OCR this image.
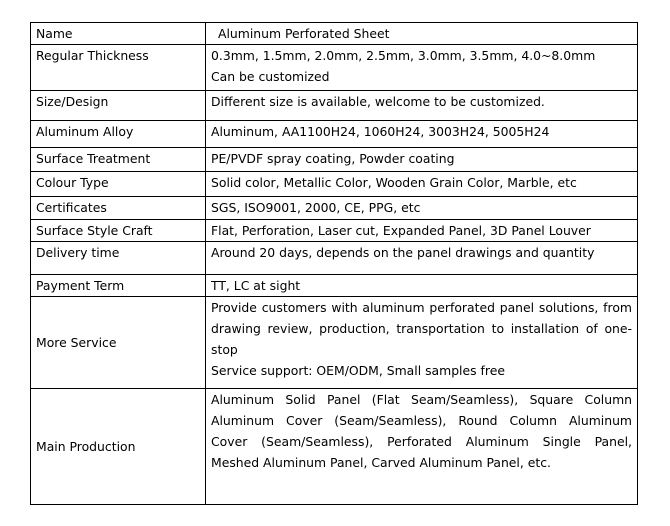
Name	Aluminum Perforated Sheet
Regular Thickness	0.3mm, 1.5mm, 2.0mm, 2.5mm, 3.0mm, 3.5mm, 4.0~8.0mm
Can be customized

Size/Design	Different size is available, welcome to be customized.

Aluminum Alloy	Aluminum, AA1100H24, 1060H24, 3003H24, 5005H24

Surface Treatment	PE/PVDF spray coating, Powder coating

Colour Type	Solid color, Metallic Color, Wooden Grain Color, Marble, etc

Certificates	SGS, ISO9001, 2000, CE, PPG, etc

Surface Style Craft	Flat, Perforation, Laser cut, Expanded Panel, 3D Panel Louver

Delivery time	Around 20 days, depends on the panel drawings and quantity

Payment Term	TT, LC at sight

More Service	Provide customers with aluminum perforated panel solutions, from drawing review, production, transportation to installation of one-stop
Service support: OEM/ODM, Small samples free

Main Production	Aluminum Solid Panel (Flat Seam/Seamless), Square Column Aluminum Cover (Seam/Seamless), Round Column Aluminum Cover (Seam/Seamless), Perforated Aluminum Single Panel, Meshed Aluminum Panel, Carved Aluminum Panel, etc.
